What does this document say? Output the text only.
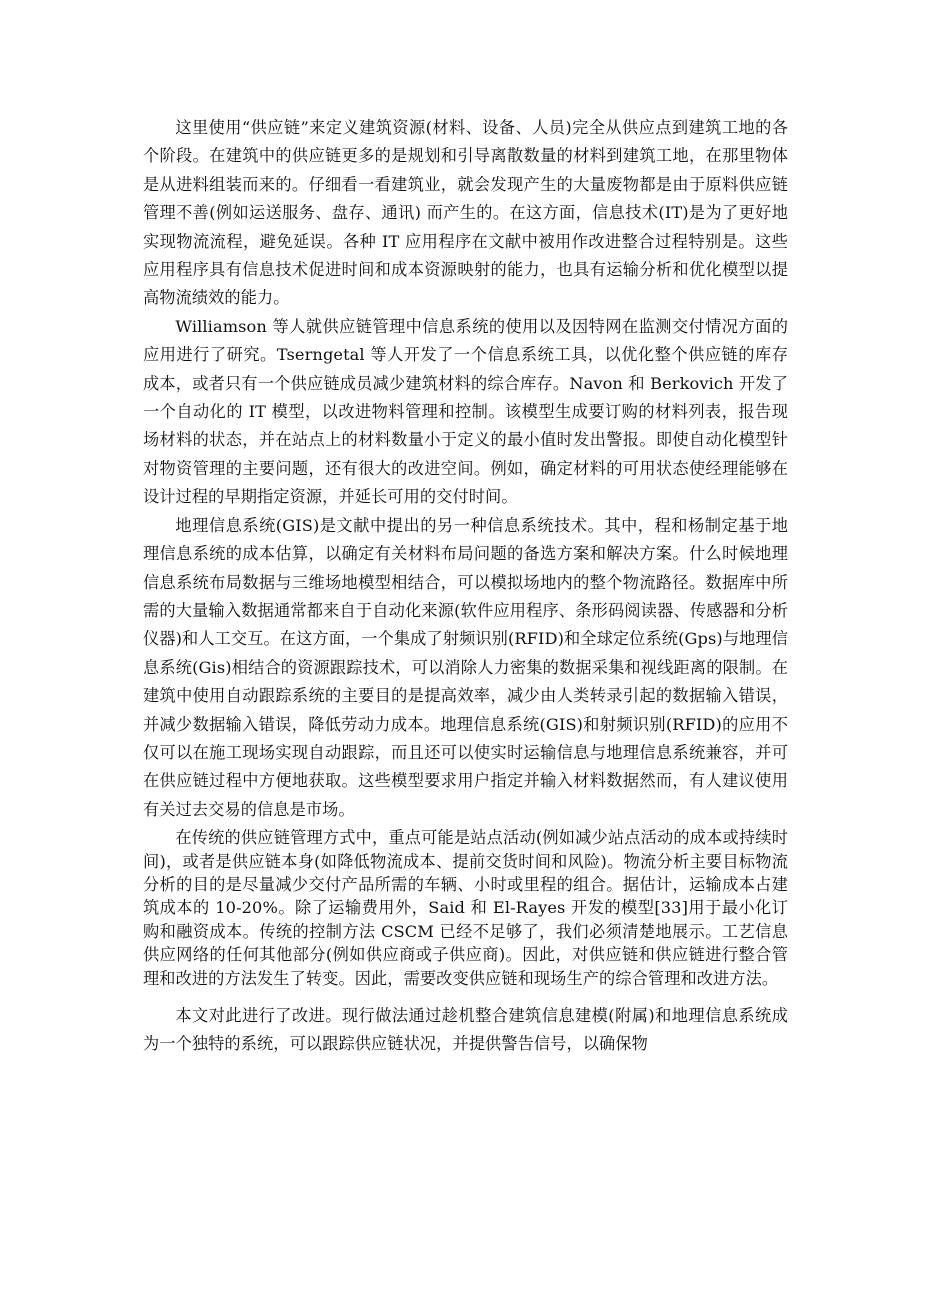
这里使用“供应链”来定义建筑资源(材料、设备、人员)完全从供应点到建筑工地的各个阶段。在建筑中的供应链更多的是规划和引导离散数量的材料到建筑工地，在那里物体是从进料组装而来的。仔细看一看建筑业，就会发现产生的大量废物都是由于原料供应链管理不善(例如运送服务、盘存、通讯) 而产生的。在这方面，信息技术(IT)是为了更好地实现物流流程，避免延误。各种 IT 应用程序在文献中被用作改进整合过程特别是。这些应用程序具有信息技术促进时间和成本资源映射的能力，也具有运输分析和优化模型以提高物流绩效的能力。

Williamson 等人就供应链管理中信息系统的使用以及因特网在监测交付情况方面的应用进行了研究。Tserngetal 等人开发了一个信息系统工具，以优化整个供应链的库存成本，或者只有一个供应链成员减少建筑材料的综合库存。Navon 和 Berkovich 开发了一个自动化的 IT 模型，以改进物料管理和控制。该模型生成要订购的材料列表，报告现场材料的状态，并在站点上的材料数量小于定义的最小值时发出警报。即使自动化模型针对物资管理的主要问题，还有很大的改进空间。例如，确定材料的可用状态使经理能够在设计过程的早期指定资源，并延长可用的交付时间。

地理信息系统(GIS)是文献中提出的另一种信息系统技术。其中，程和杨制定基于地理信息系统的成本估算，以确定有关材料布局问题的备选方案和解决方案。什么时候地理信息系统布局数据与三维场地模型相结合，可以模拟场地内的整个物流路径。数据库中所需的大量输入数据通常都来自于自动化来源(软件应用程序、条形码阅读器、传感器和分析仪器)和人工交互。在这方面，一个集成了射频识别(RFID)和全球定位系统(Gps)与地理信息系统(Gis)相结合的资源跟踪技术，可以消除人力密集的数据采集和视线距离的限制。在建筑中使用自动跟踪系统的主要目的是提高效率，减少由人类转录引起的数据输入错误，并减少数据输入错误，降低劳动力成本。地理信息系统(GIS)和射频识别(RFID)的应用不仅可以在施工现场实现自动跟踪，而且还可以使实时运输信息与地理信息系统兼容，并可在供应链过程中方便地获取。这些模型要求用户指定并输入材料数据然而，有人建议使用有关过去交易的信息是市场。

在传统的供应链管理方式中，重点可能是站点活动(例如减少站点活动的成本或持续时间)，或者是供应链本身(如降低物流成本、提前交货时间和风险)。物流分析主要目标物流分析的目的是尽量减少交付产品所需的车辆、小时或里程的组合。据估计，运输成本占建筑成本的 10-20%。除了运输费用外，Said 和 El-Rayes 开发的模型[33]用于最小化订购和融资成本。传统的控制方法 CSCM 已经不足够了，我们必须清楚地展示。工艺信息供应网络的任何其他部分(例如供应商或子供应商)。因此，对供应链和供应链进行整合管理和改进的方法发生了转变。因此，需要改变供应链和现场生产的综合管理和改进方法。

本文对此进行了改进。现行做法通过趁机整合建筑信息建模(附属)和地理信息系统成为一个独特的系统，可以跟踪供应链状况，并提供警告信号，以确保物
